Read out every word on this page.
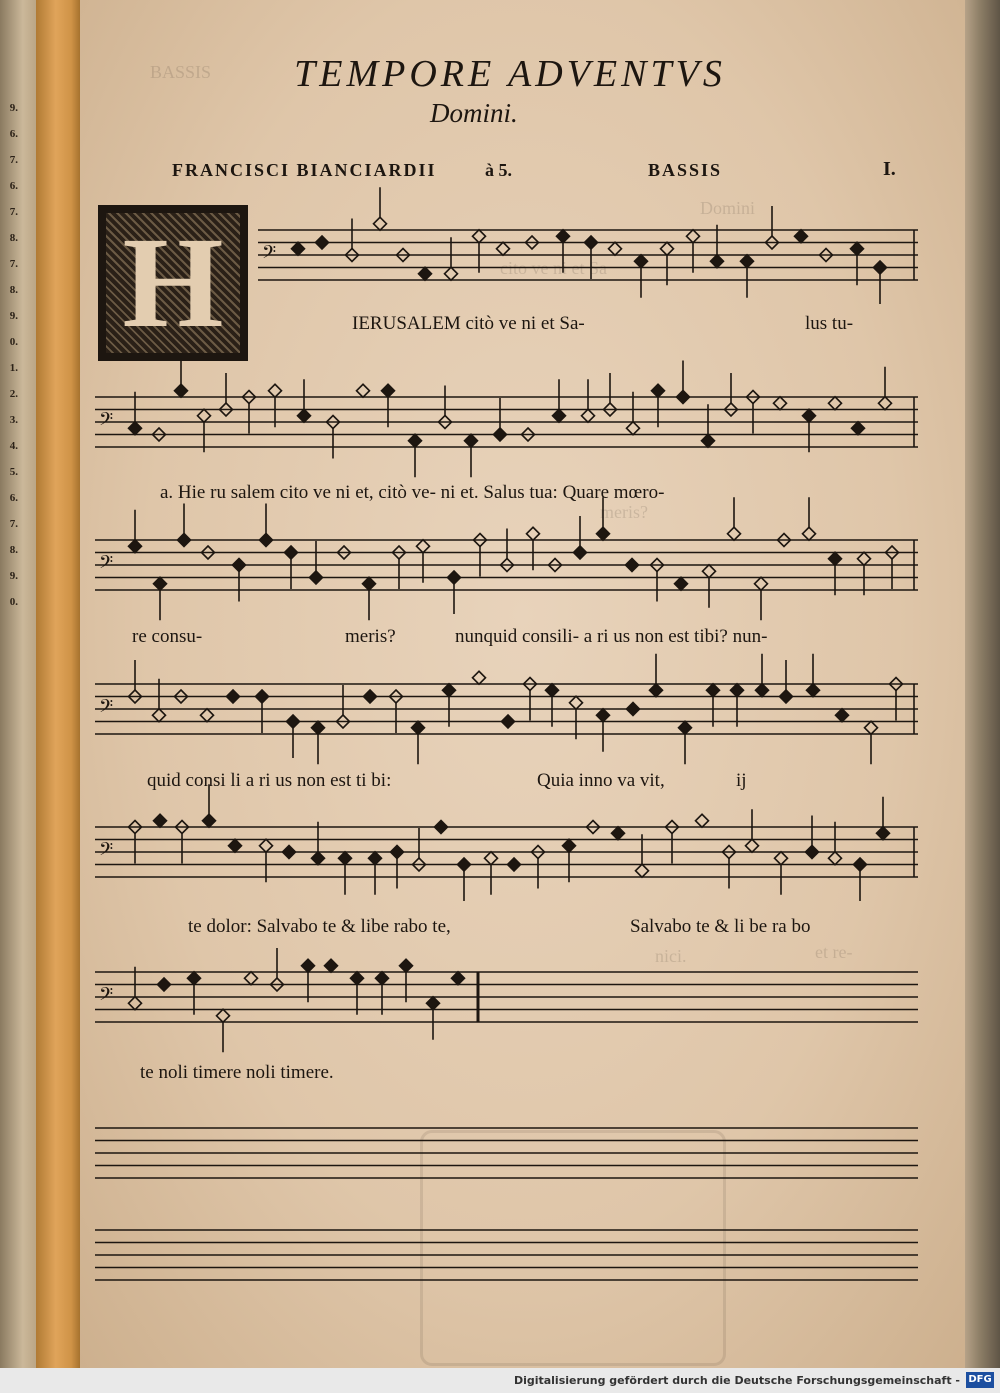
9.
6.
7.
6.
7.
8.
7.
8.
9.
0.
1.
2.
3.
4.
5.
6.
7.
8.
9.
0.
TEMPORE ADVENTVS
Domini.
FRANCISCI BIANCIARDII	à 5.	BASSIS	I.
H
BASSIS
cito ve ni et Sa
Domini
meris?
et re-
nici.
𝄢
𝄢
𝄢
𝄢
𝄢
𝄢
IERUSALEM citò ve ni et Sa-	lus tu-
a. Hie ru salem cito ve ni et, citò ve- ni et. Salus tua: Quare mœro-
re consu-	meris?	nunquid consili- a ri us non est tibi? nun-
quid consi li a ri us non est ti bi:	Quia inno va vit,	ij
te dolor: Salvabo te & libe rabo te,	Salvabo te & li be ra bo
te noli timere noli timere.
Digitalisierung gefördert durch die Deutsche Forschungsgemeinschaft - DFG
